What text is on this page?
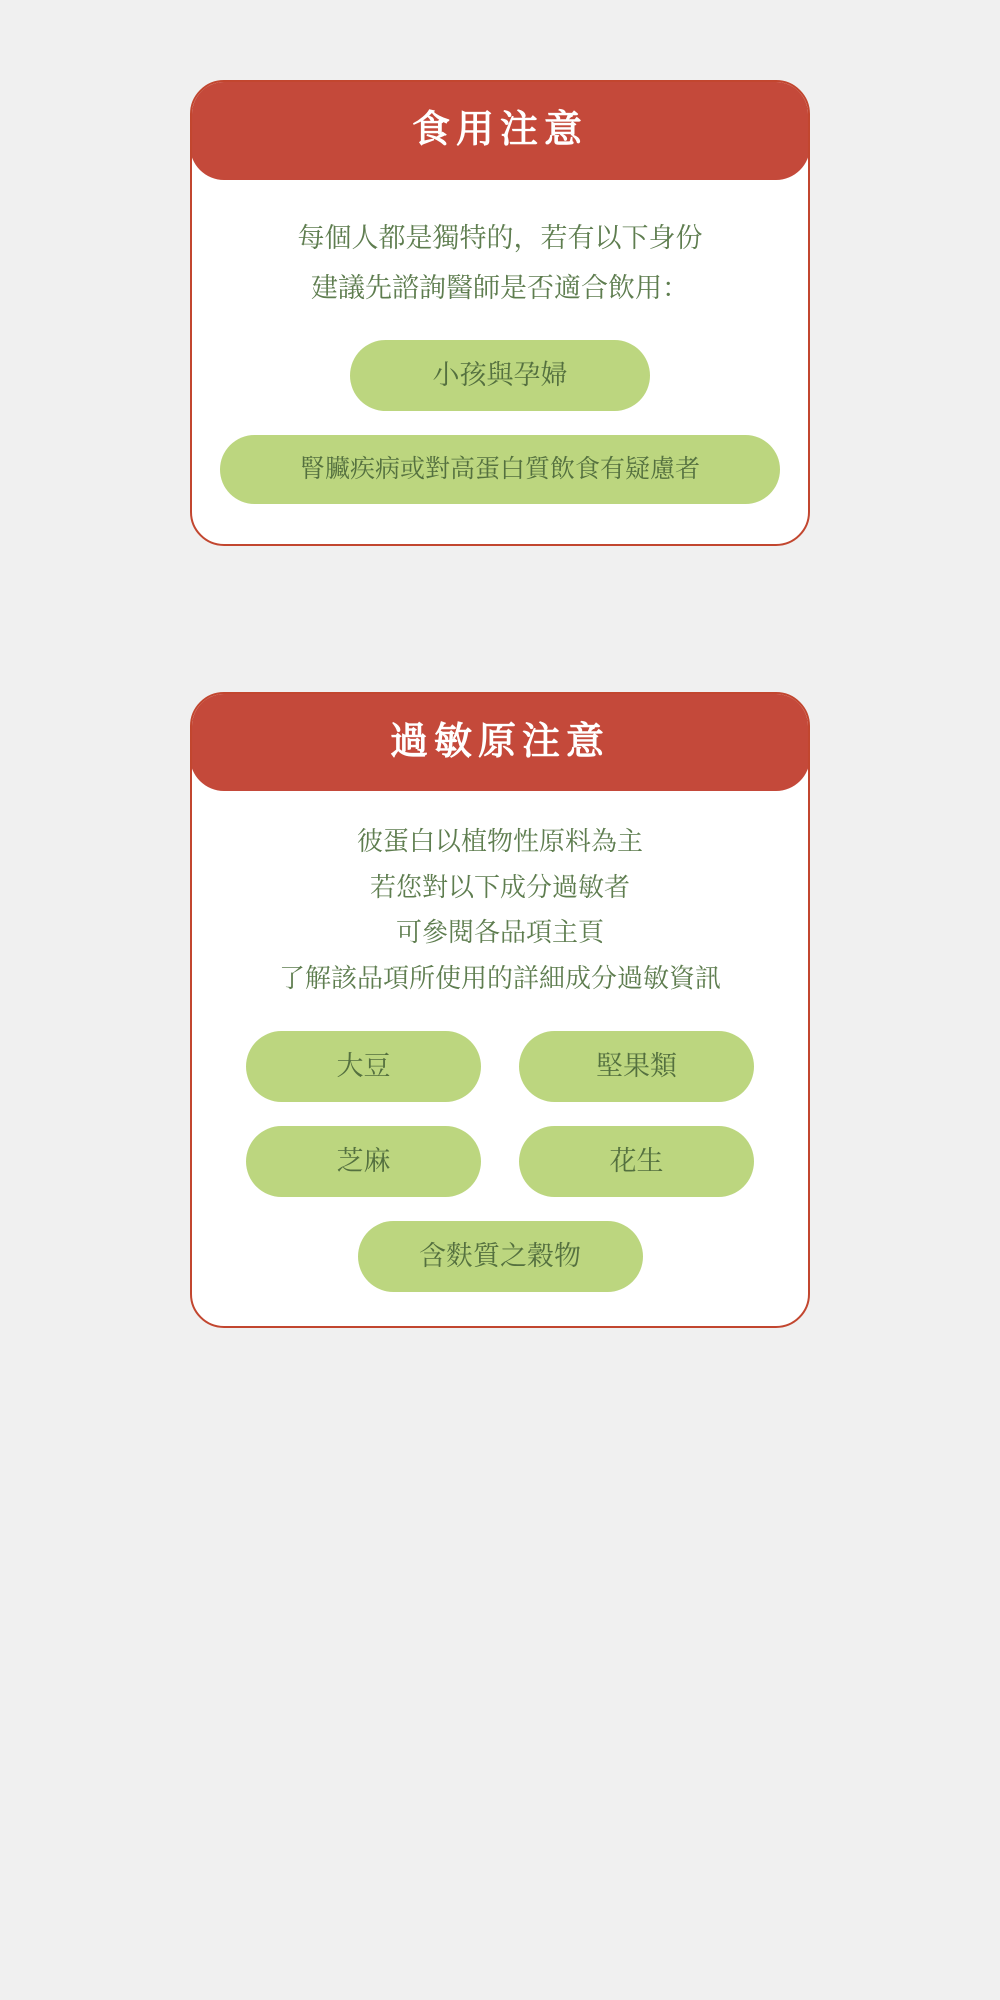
食用注意

每個人都是獨特的，若有以下身份
建議先諮詢醫師是否適合飲用：

小孩與孕婦
腎臟疾病或對高蛋白質飲食有疑慮者
過敏原注意

彼蛋白以植物性原料為主
若您對以下成分過敏者
可參閱各品項主頁
了解該品項所使用的詳細成分過敏資訊

大豆	堅果類
芝麻	花生
含麩質之穀物
